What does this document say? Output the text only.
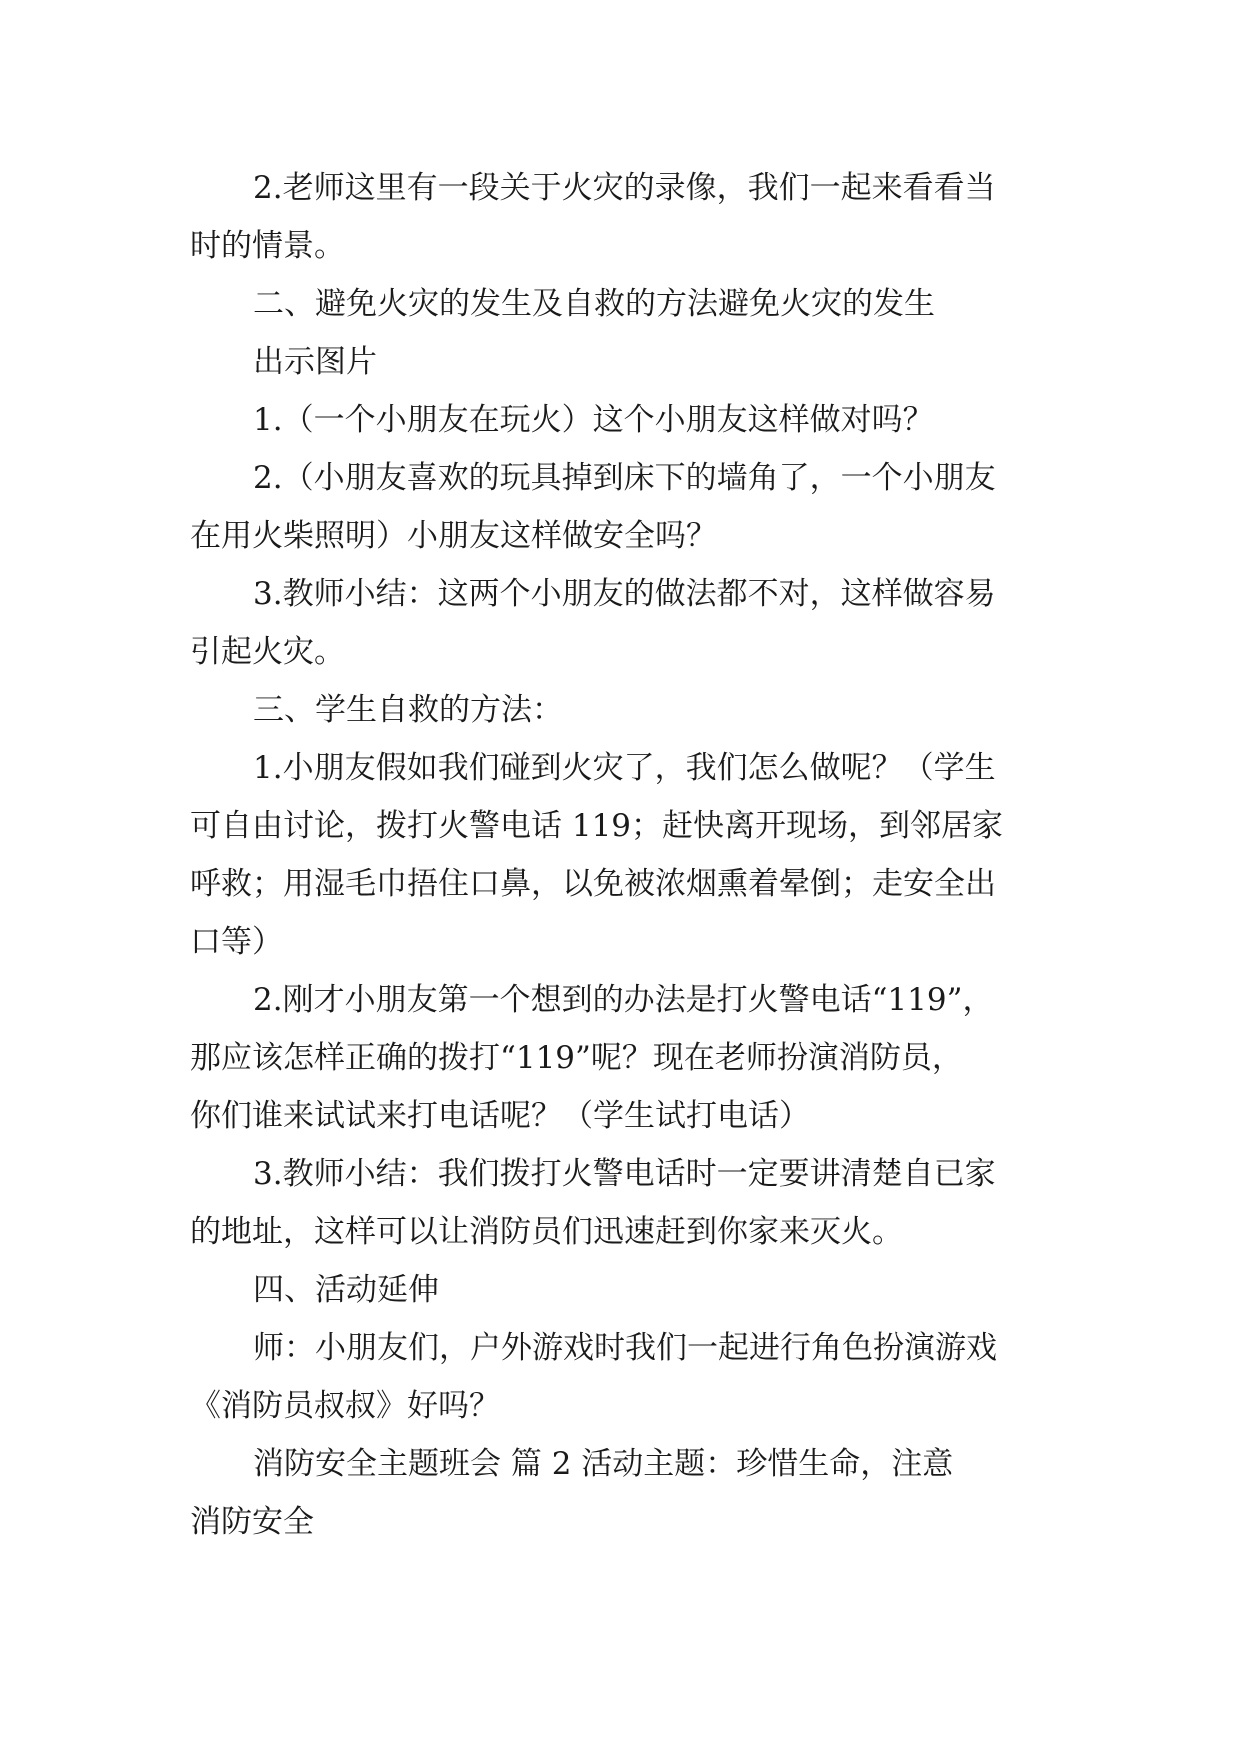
2.老师这里有一段关于火灾的录像，我们一起来看看当
时的情景。
二、避免火灾的发生及自救的方法避免火灾的发生
出示图片
1.（一个小朋友在玩火）这个小朋友这样做对吗？
2.（小朋友喜欢的玩具掉到床下的墙角了，一个小朋友
在用火柴照明）小朋友这样做安全吗？
3.教师小结：这两个小朋友的做法都不对，这样做容易
引起火灾。
三、学生自救的方法：
1.小朋友假如我们碰到火灾了，我们怎么做呢？（学生
可自由讨论，拨打火警电话 119；赶快离开现场，到邻居家
呼救；用湿毛巾捂住口鼻，以免被浓烟熏着晕倒；走安全出
口等）
2.刚才小朋友第一个想到的办法是打火警电话“119”，
那应该怎样正确的拨打“119”呢？现在老师扮演消防员，
你们谁来试试来打电话呢？（学生试打电话）
3.教师小结：我们拨打火警电话时一定要讲清楚自已家
的地址，这样可以让消防员们迅速赶到你家来灭火。
四、活动延伸
师：小朋友们，户外游戏时我们一起进行角色扮演游戏
《消防员叔叔》好吗？
消防安全主题班会 篇 2 活动主题：珍惜生命，注意
消防安全
